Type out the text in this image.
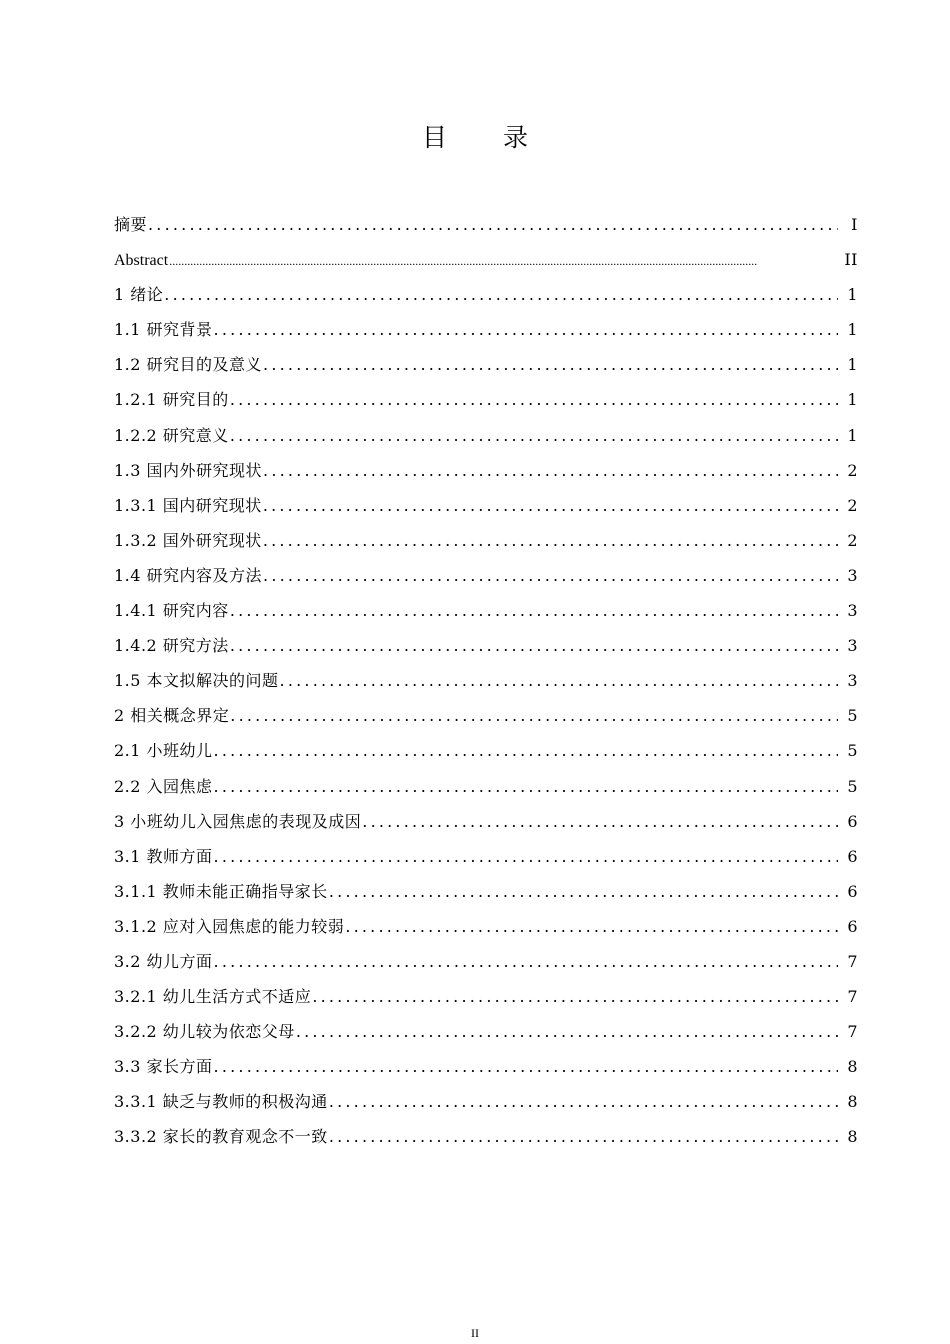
目 录
摘要 .....	I
Abstract .....	II
1 绪论 .....	1
1.1 研究背景 .....	1
1.2 研究目的及意义 .....	1
1.2.1 研究目的 .....	1
1.2.2 研究意义 .....	1
1.3 国内外研究现状 .....	2
1.3.1 国内研究现状 .....	2
1.3.2 国外研究现状 .....	2
1.4 研究内容及方法 .....	3
1.4.1 研究内容 .....	3
1.4.2 研究方法 .....	3
1.5 本文拟解决的问题 .....	3
2 相关概念界定 .....	5
2.1 小班幼儿 .....	5
2.2 入园焦虑 .....	5
3 小班幼儿入园焦虑的表现及成因 .....	6
3.1 教师方面 .....	6
3.1.1 教师未能正确指导家长 .....	6
3.1.2 应对入园焦虑的能力较弱 .....	6
3.2 幼儿方面 .....	7
3.2.1 幼儿生活方式不适应 .....	7
3.2.2 幼儿较为依恋父母 .....	7
3.3 家长方面 .....	8
3.3.1 缺乏与教师的积极沟通 .....	8
3.3.2 家长的教育观念不一致 .....	8
II
